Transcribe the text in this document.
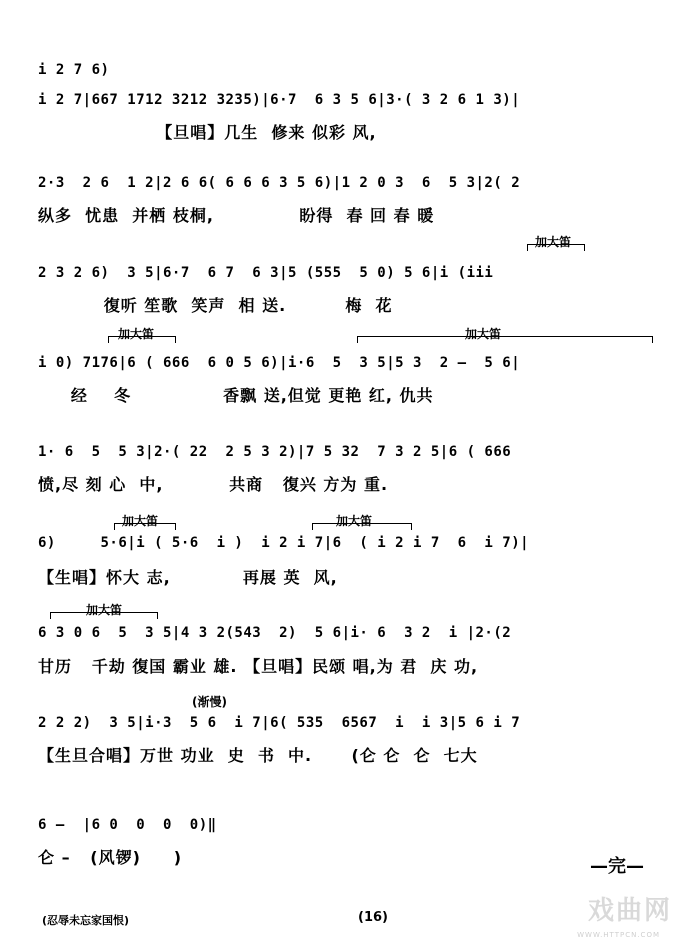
i 2 7 6)
i 2 7|667 1712 3212 3235)|6·7  6 3 5 6|3·( 3 2 6 1 3)|
【旦唱】几生  修来 似彩 风,
2·3  2 6  1 2|2 6 6( 6 6 6 3 5 6)|1 2 0 3  6  5 3|2( 2
纵多  忧患  并栖 枝桐,             盼得  春 回 春 暖
加大笛
2 3 2 6)  3 5|6·7  6 7  6 3|5 (555  5 0) 5 6|i (iii
復听 笙歌  笑声  相 送.         梅  花
加大笛	加大笛
i 0) 7176|6 ( 666  6 0 5 6)|i·6  5  3 5|5 3  2 –  5 6|
经    冬              香飘 送,但觉 更艳 红, 仇共
1· 6  5  5 3|2·( 22  2 5 3 2)|7 5 32  7 3 2 5|6 ( 666
愤,尽 刻 心  中,          共商   復兴 方为 重.
加大笛	加大笛
6)     5·6|i ( 5·6  i )  i 2 i 7|6  ( i 2 i 7  6  i 7)|
【生唱】怀大 志,           再展 英  风,
加大笛
6 3 0 6  5  3 5|4 3 2(543  2)  5 6|i· 6  3 2  i |2·(2
甘历   千劫 復国 霸业 雄. 【旦唱】民颂 唱,为 君  庆 功,
(渐慢)
2 2 2)  3 5|i·3  5 6  i 7|6( 535  6567  i  i 3|5 6 i 7
【生旦合唱】万世 功业  史  书  中.      (仑 仑  仑  七大
6 –  |6 0  0  0  0)‖
仑 –   (风锣)     )	—完—
(忍辱未忘家国恨)	(16)	戏曲网
WWW.HTTPCN.COM
